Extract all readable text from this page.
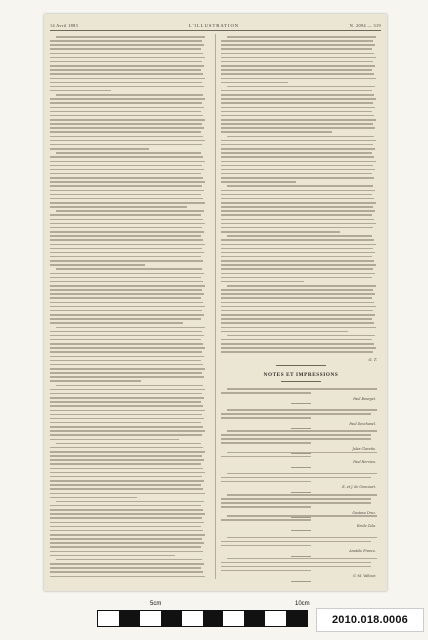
14 Avril 1883	L'ILLUSTRATION	N. 2094 — 319
G. T.
NOTES ET IMPRESSIONS
Paul Bourget.
Paul Deschanel.
Jules Claretie.
Paul Hervieu.
E. et J. de Goncourt.
Gustave Droz.
Emile Zola.
Anatole France.
G.-M. Valtour.
5cm	10cm
2010.018.0006
